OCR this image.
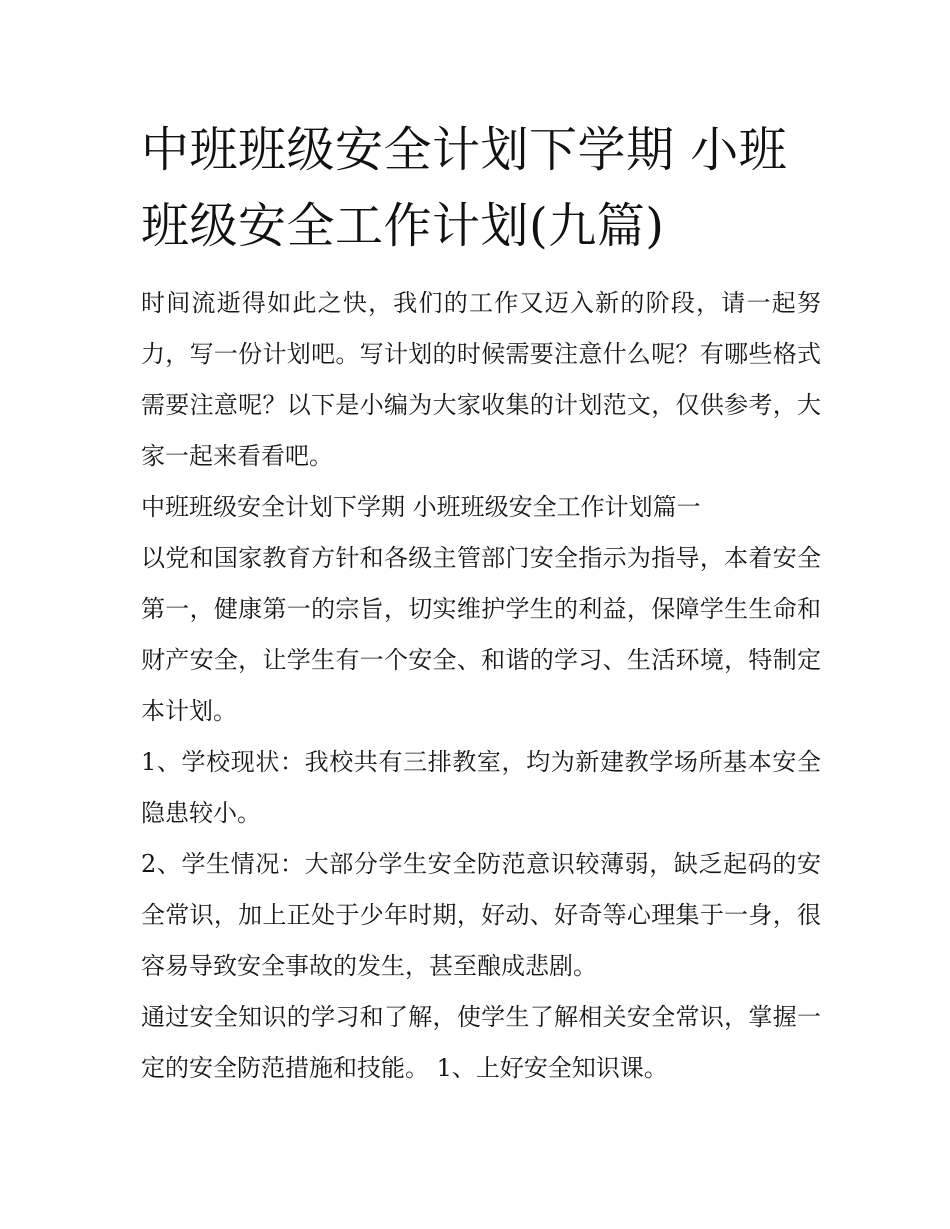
中班班级安全计划下学期 小班班级安全工作计划(九篇)

时间流逝得如此之快，我们的工作又迈入新的阶段，请一起努力，写一份计划吧。写计划的时候需要注意什么呢？有哪些格式需要注意呢？以下是小编为大家收集的计划范文，仅供参考，大家一起来看看吧。

中班班级安全计划下学期 小班班级安全工作计划篇一

以党和国家教育方针和各级主管部门安全指示为指导，本着安全第一，健康第一的宗旨，切实维护学生的利益，保障学生生命和财产安全，让学生有一个安全、和谐的学习、生活环境，特制定本计划。

1、学校现状：我校共有三排教室，均为新建教学场所基本安全隐患较小。

2、学生情况：大部分学生安全防范意识较薄弱，缺乏起码的安全常识，加上正处于少年时期，好动、好奇等心理集于一身，很容易导致安全事故的发生，甚至酿成悲剧。

通过安全知识的学习和了解，使学生了解相关安全常识，掌握一定的安全防范措施和技能。 1、上好安全知识课。
